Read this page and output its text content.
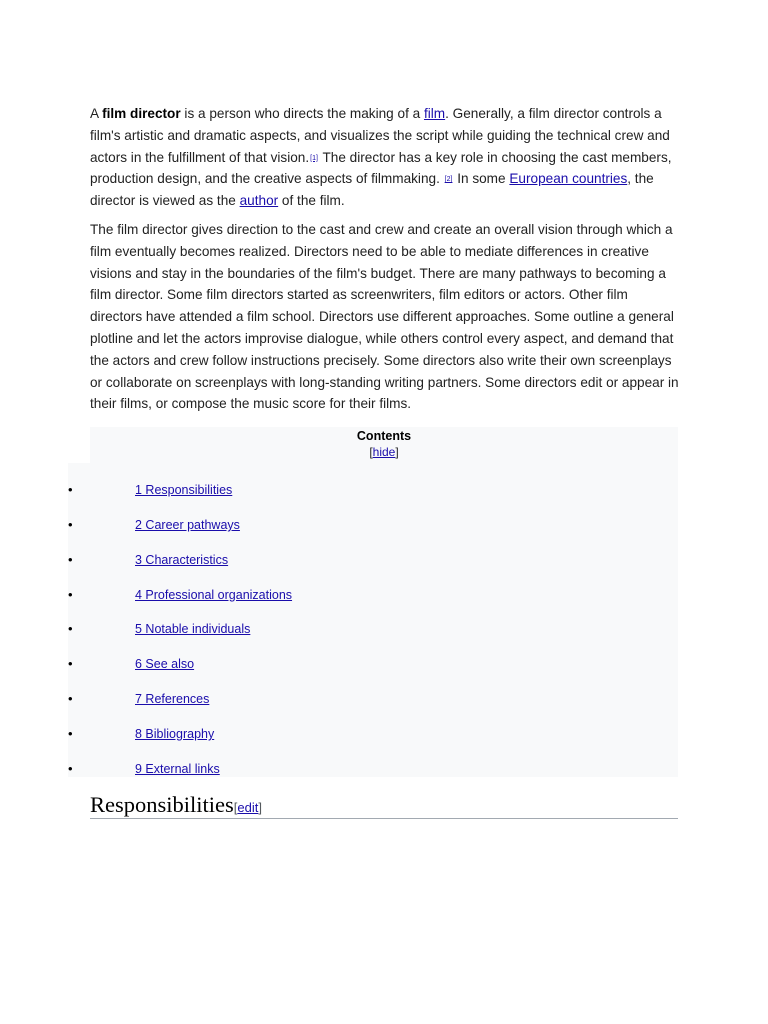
A film director is a person who directs the making of a film. Generally, a film director controls a film's artistic and dramatic aspects, and visualizes the script while guiding the technical crew and actors in the fulfillment of that vision.[1] The director has a key role in choosing the cast members, production design, and the creative aspects of filmmaking. [2] In some European countries, the director is viewed as the author of the film.

The film director gives direction to the cast and crew and create an overall vision through which a film eventually becomes realized. Directors need to be able to mediate differences in creative visions and stay in the boundaries of the film's budget. There are many pathways to becoming a film director. Some film directors started as screenwriters, film editors or actors. Other film directors have attended a film school. Directors use different approaches. Some outline a general plotline and let the actors improvise dialogue, while others control every aspect, and demand that the actors and crew follow instructions precisely. Some directors also write their own screenplays or collaborate on screenplays with long-standing writing partners. Some directors edit or appear in their films, or compose the music score for their films.

Contents
[hide]
•	1 Responsibilities
•	2 Career pathways
•	3 Characteristics
•	4 Professional organizations
•	5 Notable individuals
•	6 See also
•	7 References
•	8 Bibliography
•	9 External links
Responsibilities[edit]
